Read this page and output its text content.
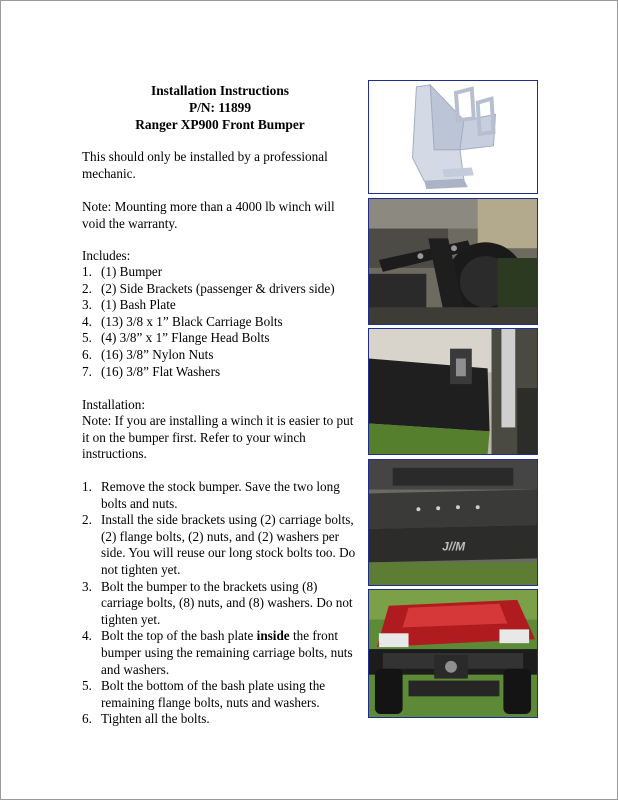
Installation Instructions
P/N: 11899
Ranger XP900 Front Bumper
This should only be installed by a professional mechanic.
Note: Mounting more than a 4000 lb winch will void the warranty.
Includes:
1. (1) Bumper
2. (2) Side Brackets (passenger & drivers side)
3. (1) Bash Plate
4. (13) 3/8 x 1” Black Carriage Bolts
5. (4) 3/8” x 1” Flange Head Bolts
6. (16) 3/8” Nylon Nuts
7. (16) 3/8” Flat Washers
Installation:
Note: If you are installing a winch it is easier to put it on the bumper first. Refer to your winch instructions.
1. Remove the stock bumper. Save the two long bolts and nuts.
2. Install the side brackets using (2) carriage bolts, (2) flange bolts, (2) nuts, and (2) washers per side. You will reuse our long stock bolts too. Do not tighten yet.
3. Bolt the bumper to the brackets using (8) carriage bolts, (8) nuts, and (8) washers. Do not tighten yet.
4. Bolt the top of the bash plate inside the front bumper using the remaining carriage bolts, nuts and washers.
5. Bolt the bottom of the bash plate using the remaining flange bolts, nuts and washers.
6. Tighten all the bolts.
J//M
